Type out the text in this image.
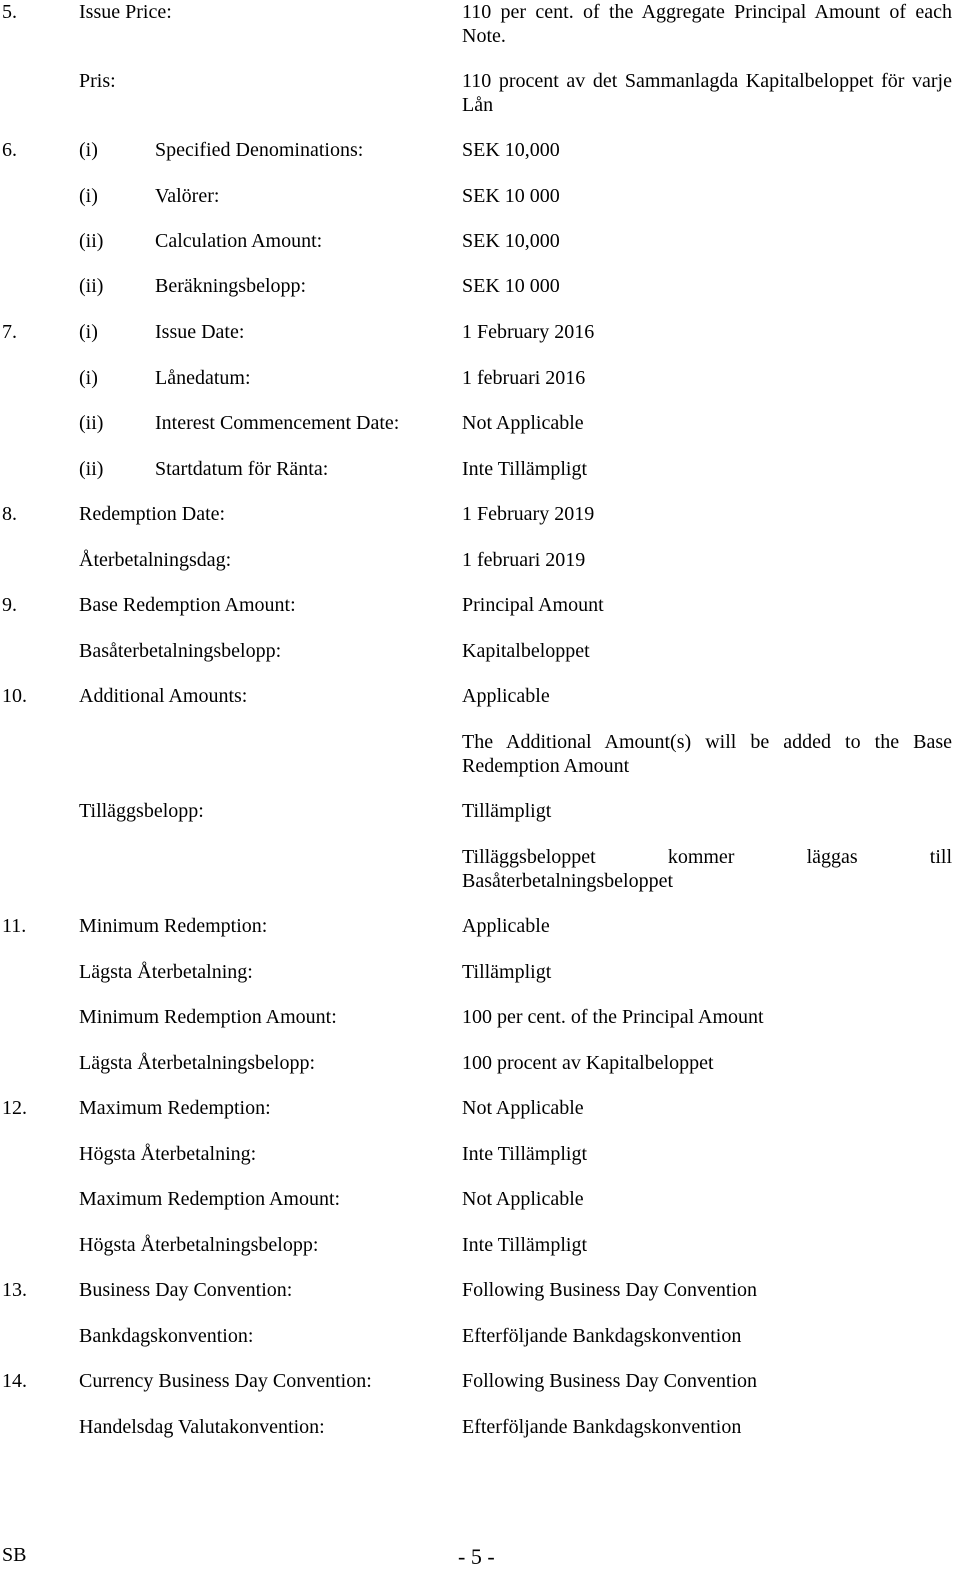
5.	Issue Price:	110 per cent. of the Aggregate Principal Amount of each Note.
Pris:	110 procent av det Sammanlagda Kapitalbeloppet för varje Lån
6.	(i)	Specified Denominations:	SEK 10,000
(i)	Valörer:	SEK 10 000
(ii)	Calculation Amount:	SEK 10,000
(ii)	Beräkningsbelopp:	SEK 10 000
7.	(i)	Issue Date:	1 February 2016
(i)	Lånedatum:	1 februari 2016
(ii)	Interest Commencement Date:	Not Applicable
(ii)	Startdatum för Ränta:	Inte Tillämpligt
8.	Redemption Date:	1 February 2019
Återbetalningsdag:	1 februari 2019
9.	Base Redemption Amount:	Principal Amount
Basåterbetalningsbelopp:	Kapitalbeloppet
10.	Additional Amounts:	Applicable
The Additional Amount(s) will be added to the Base Redemption Amount
Tilläggsbelopp:	Tillämpligt
Tilläggsbeloppet kommer läggas till Basåterbetalningsbeloppet
11.	Minimum Redemption:	Applicable
Lägsta Återbetalning:	Tillämpligt
Minimum Redemption Amount:	100 per cent. of the Principal Amount
Lägsta Återbetalningsbelopp:	100 procent av Kapitalbeloppet
12.	Maximum Redemption:	Not Applicable
Högsta Återbetalning:	Inte Tillämpligt
Maximum Redemption Amount:	Not Applicable
Högsta Återbetalningsbelopp:	Inte Tillämpligt
13.	Business Day Convention:	Following Business Day Convention
Bankdagskonvention:	Efterföljande Bankdagskonvention
14.	Currency Business Day Convention:	Following Business Day Convention
Handelsdag Valutakonvention:	Efterföljande Bankdagskonvention
SB	- 5 -
